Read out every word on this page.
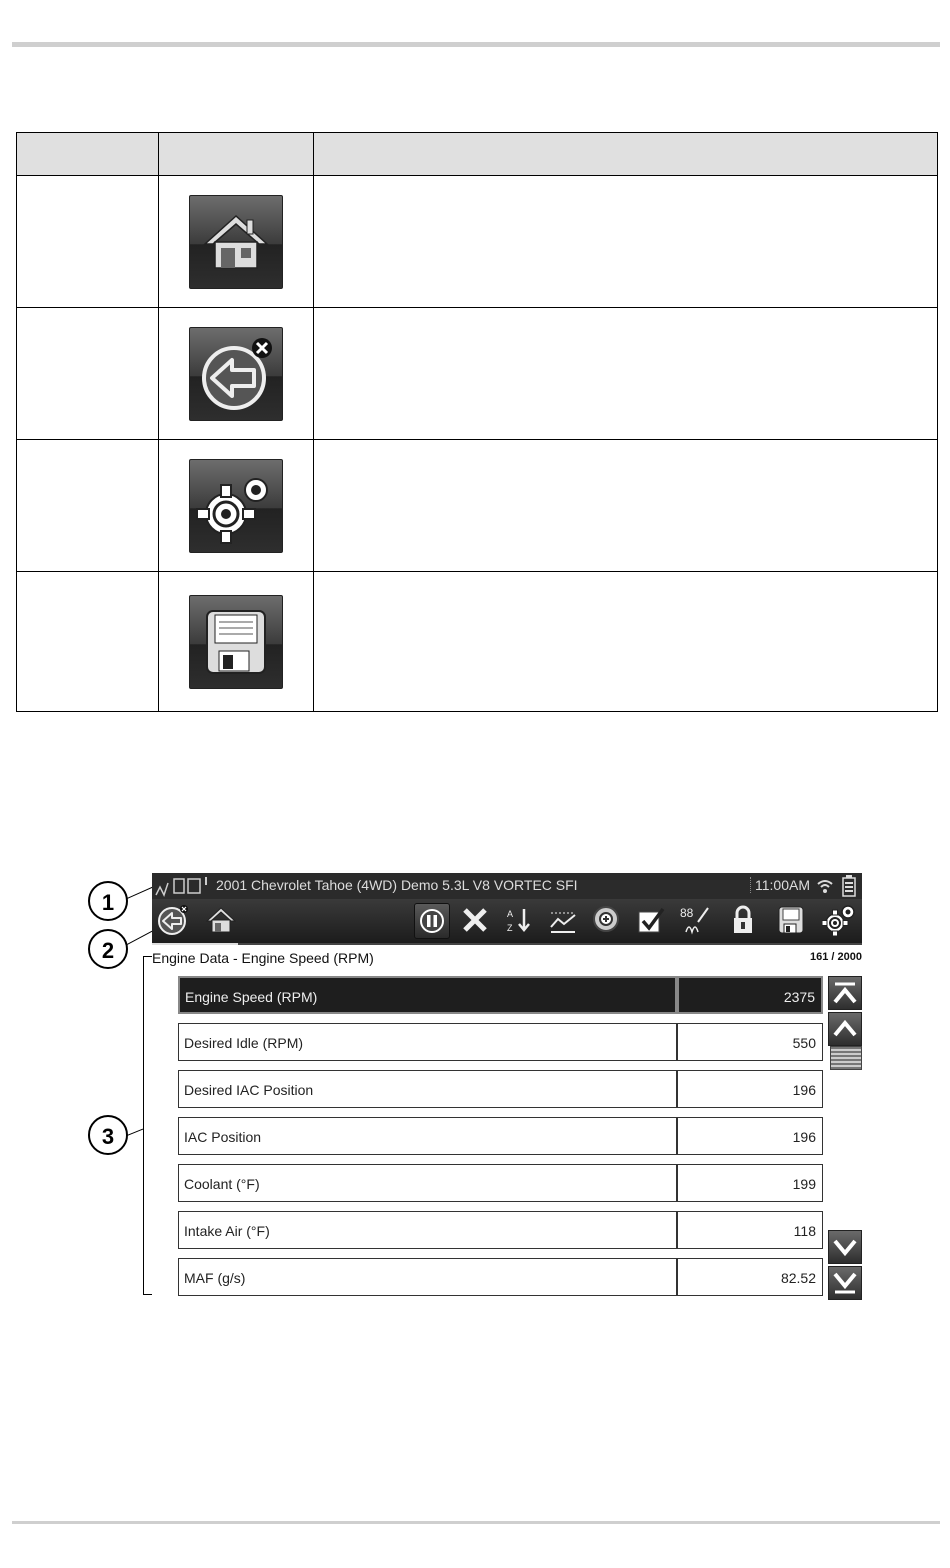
1
2
3
2001 Chevrolet Tahoe (4WD) Demo 5.3L V8 VORTEC SFI	11:00AM
A
Z
88
Engine Data - Engine Speed (RPM)	161 / 2000
Engine Speed (RPM)	2375
Desired Idle (RPM)	550
Desired IAC Position	196
IAC Position	196
Coolant (°F)	199
Intake Air (°F)	118
MAF (g/s)	82.52
